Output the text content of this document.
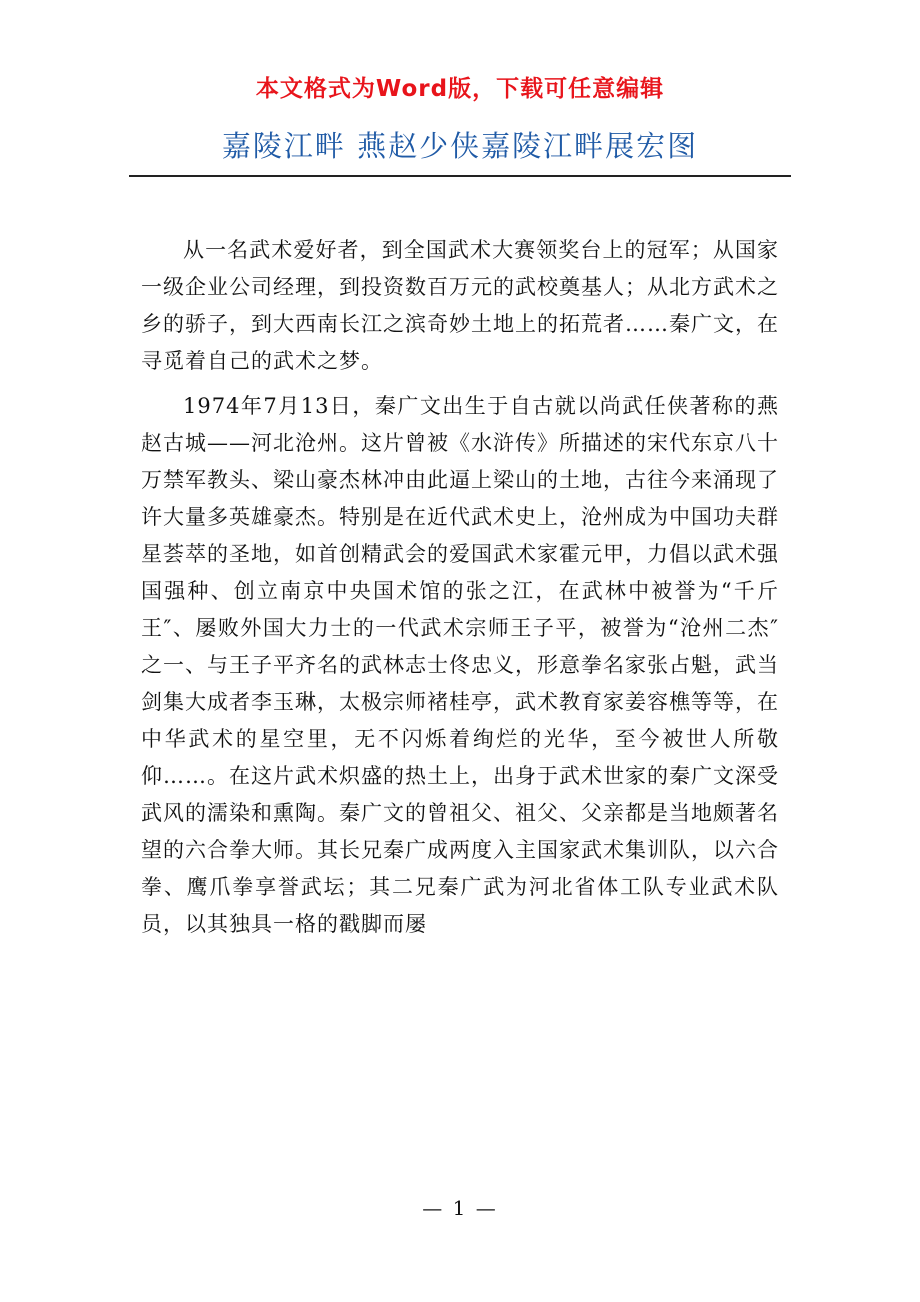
本文格式为Word版，下载可任意编辑
嘉陵江畔 燕赵少侠嘉陵江畔展宏图

从一名武术爱好者，到全国武术大赛领奖台上的冠军；从国家一级企业公司经理，到投资数百万元的武校奠基人；从北方武术之乡的骄子，到大西南长江之滨奇妙土地上的拓荒者……秦广文，在寻觅着自己的武术之梦。

1974年7月13日，秦广文出生于自古就以尚武任侠著称的燕赵古城——河北沧州。这片曾被《水浒传》所描述的宋代东京八十万禁军教头、梁山豪杰林冲由此逼上梁山的土地，古往今来涌现了许大量多英雄豪杰。特别是在近代武术史上，沧州成为中国功夫群星荟萃的圣地，如首创精武会的爱国武术家霍元甲，力倡以武术强国强种、创立南京中央国术馆的张之江，在武林中被誉为“千斤王″、屡败外国大力士的一代武术宗师王子平，被誉为“沧州二杰″之一、与王子平齐名的武林志士佟忠义，形意拳名家张占魁，武当剑集大成者李玉琳，太极宗师褚桂亭，武术教育家姜容樵等等，在中华武术的星空里，无不闪烁着绚烂的光华，至今被世人所敬仰……。在这片武术炽盛的热土上，出身于武术世家的秦广文深受武风的濡染和熏陶。秦广文的曾祖父、祖父、父亲都是当地颇著名望的六合拳大师。其长兄秦广成两度入主国家武术集训队，以六合拳、鹰爪拳享誉武坛；其二兄秦广武为河北省体工队专业武术队员，以其独具一格的戳脚而屡

— 1 —
